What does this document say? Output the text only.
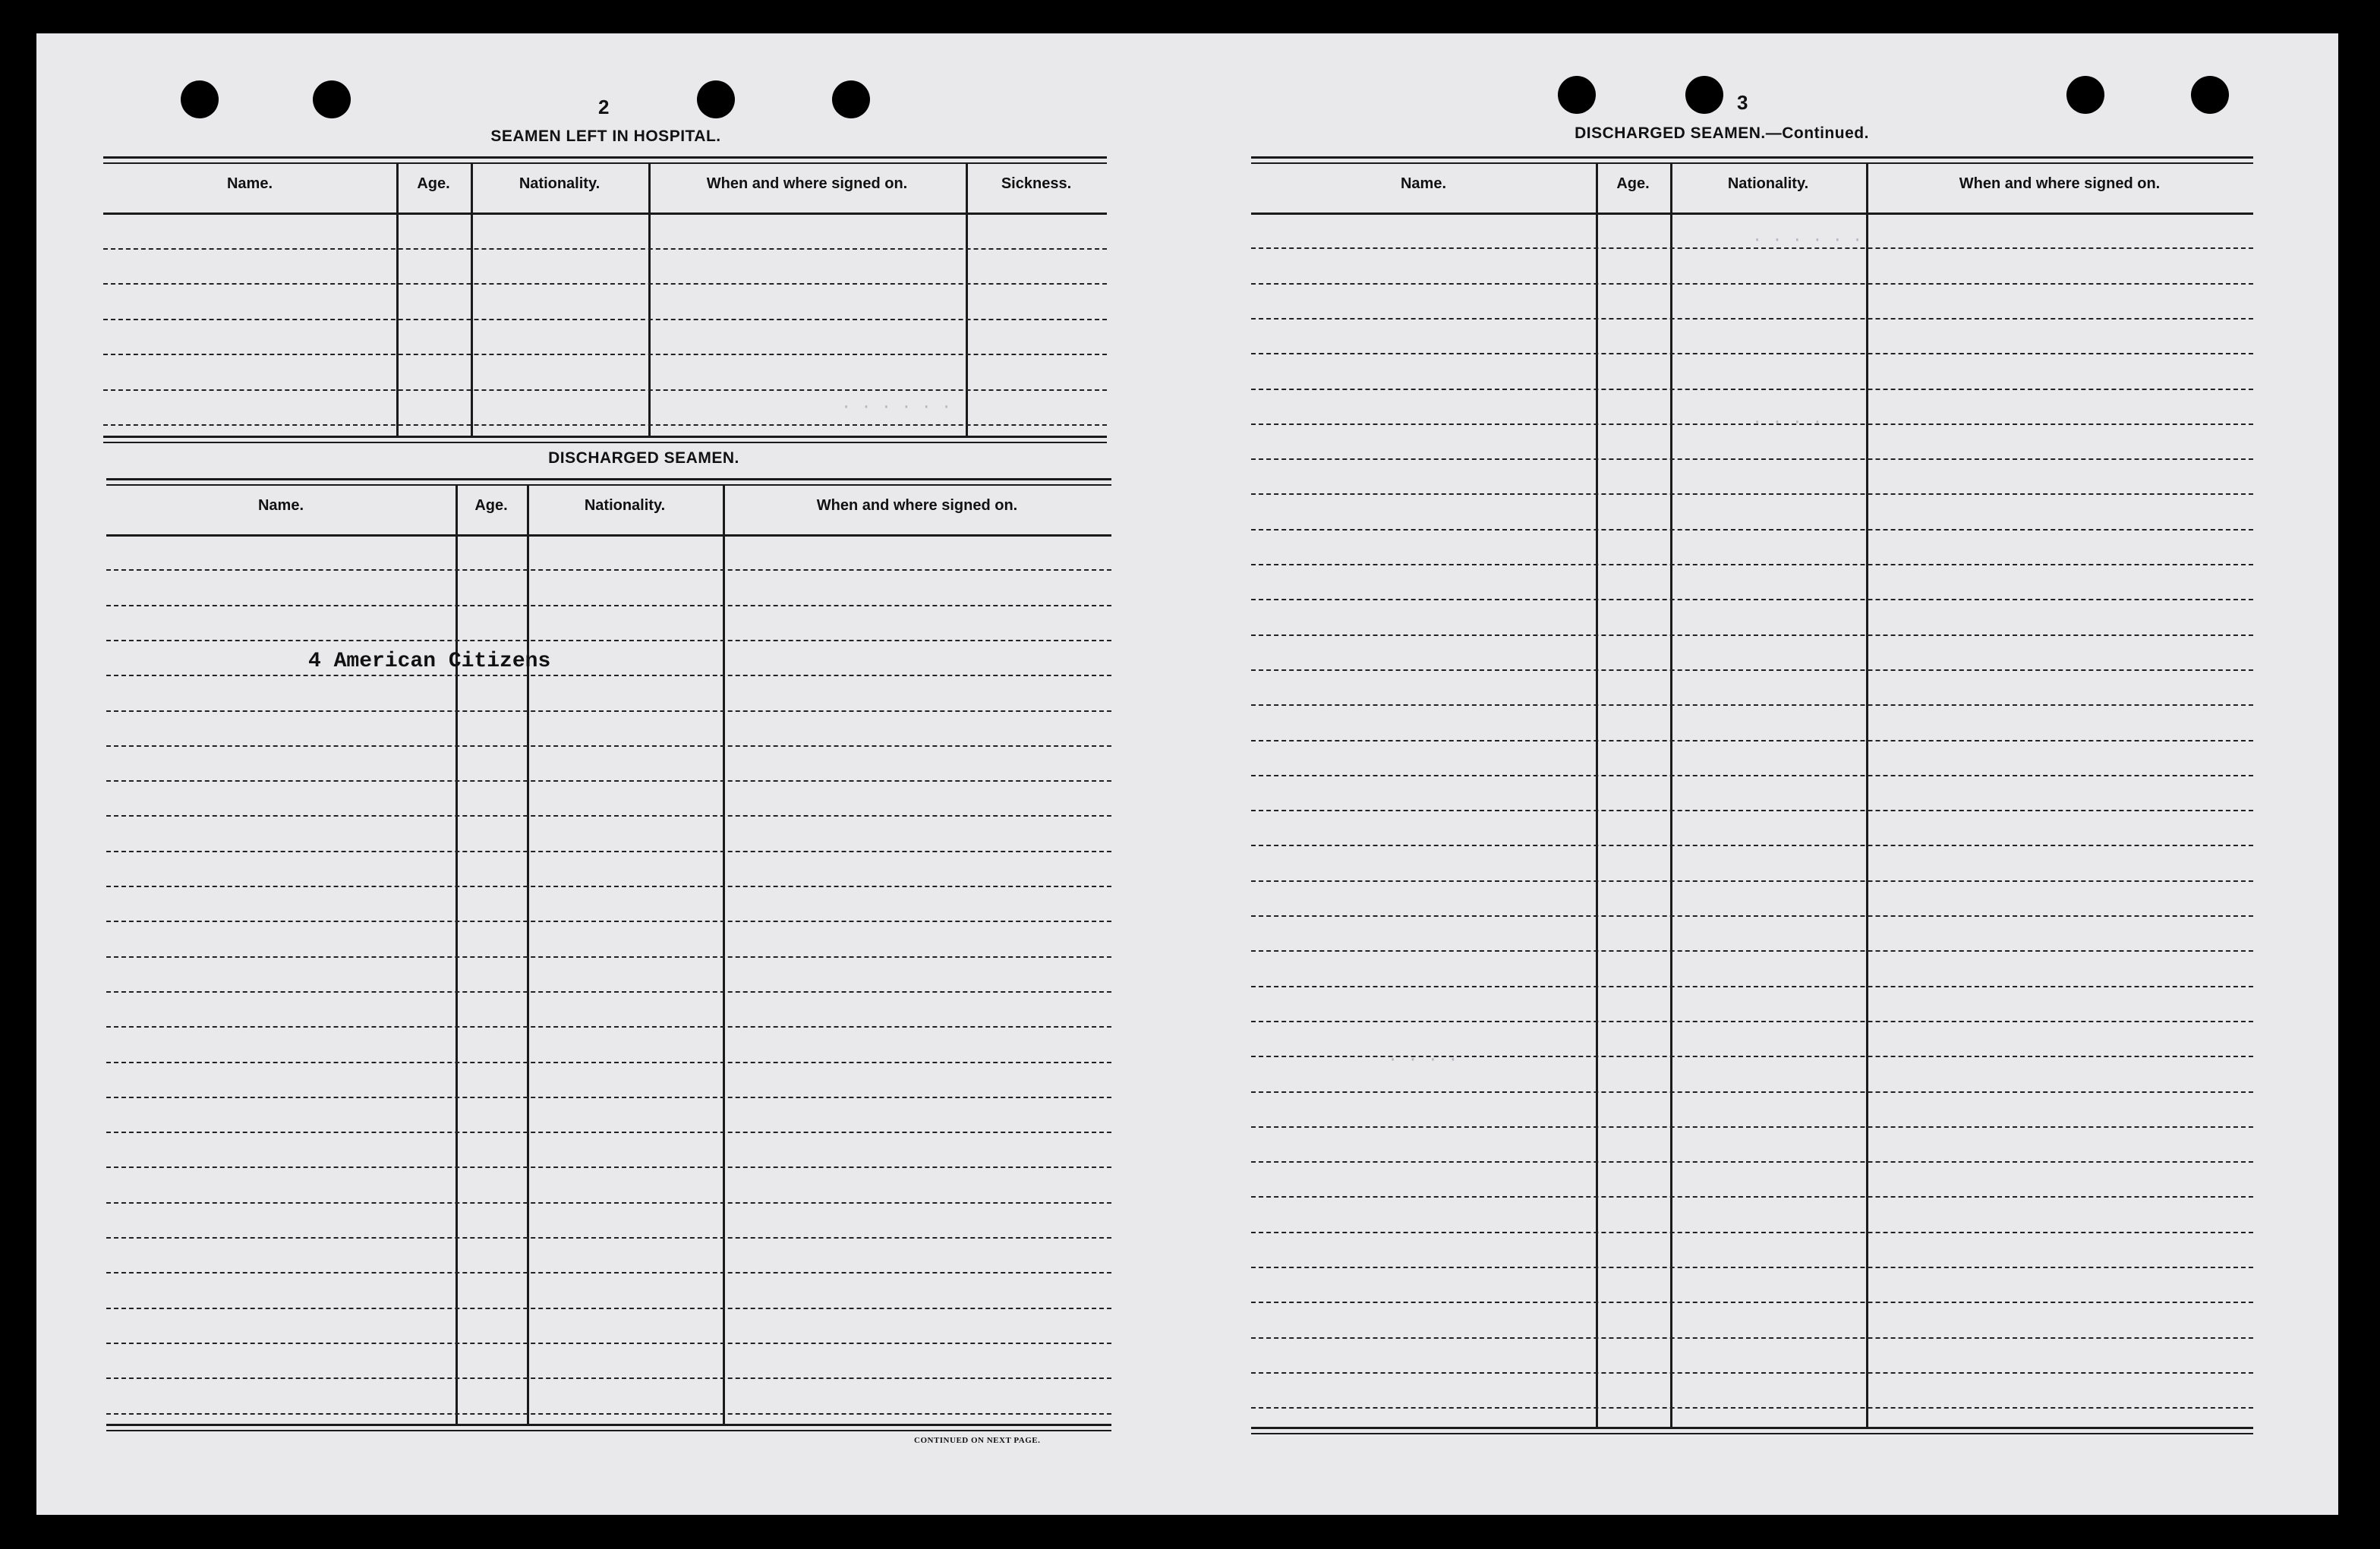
· · · · · ·
· · · · · ·
· · · ·
· · · ·
2
SEAMEN LEFT IN HOSPITAL.
Name.	Age.	Nationality.	When and where signed on.	Sickness.
DISCHARGED SEAMEN.
Name.	Age.	Nationality.	When and where signed on.
4 American Citizens
CONTINUED ON NEXT PAGE.
3
DISCHARGED SEAMEN.—Continued.
Name.	Age.	Nationality.	When and where signed on.
